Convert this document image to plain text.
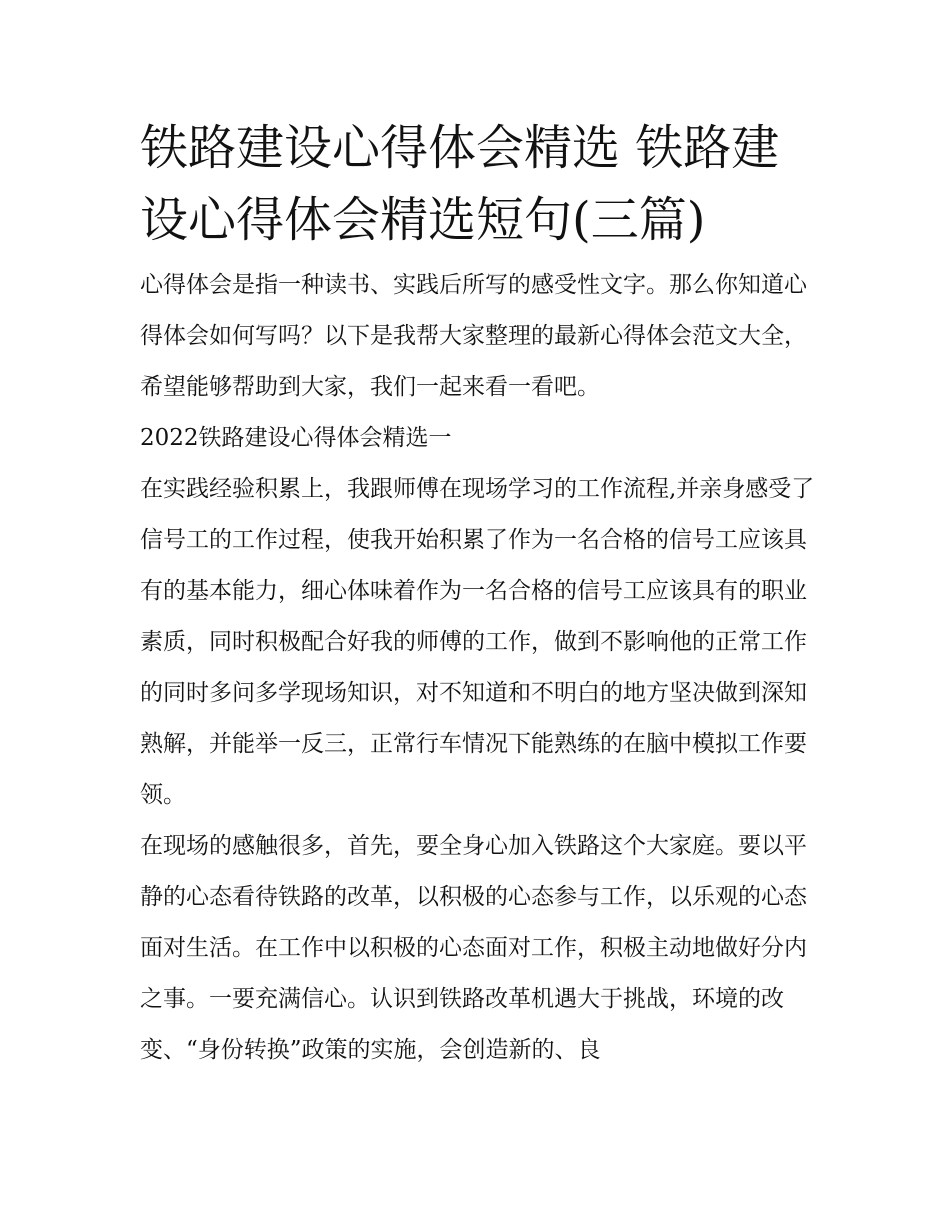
铁路建设心得体会精选 铁路建设心得体会精选短句(三篇)

心得体会是指一种读书、实践后所写的感受性文字。那么你知道心得体会如何写吗？以下是我帮大家整理的最新心得体会范文大全，希望能够帮助到大家，我们一起来看一看吧。

2022铁路建设心得体会精选一

在实践经验积累上，我跟师傅在现场学习的工作流程,并亲身感受了信号工的工作过程，使我开始积累了作为一名合格的信号工应该具有的基本能力，细心体味着作为一名合格的信号工应该具有的职业素质，同时积极配合好我的师傅的工作，做到不影响他的正常工作的同时多问多学现场知识，对不知道和不明白的地方坚决做到深知熟解，并能举一反三，正常行车情况下能熟练的在脑中模拟工作要领。

在现场的感触很多，首先，要全身心加入铁路这个大家庭。要以平静的心态看待铁路的改革，以积极的心态参与工作，以乐观的心态面对生活。在工作中以积极的心态面对工作，积极主动地做好分内之事。一要充满信心。认识到铁路改革机遇大于挑战，环境的改变、“身份转换”政策的实施，会创造新的、良
